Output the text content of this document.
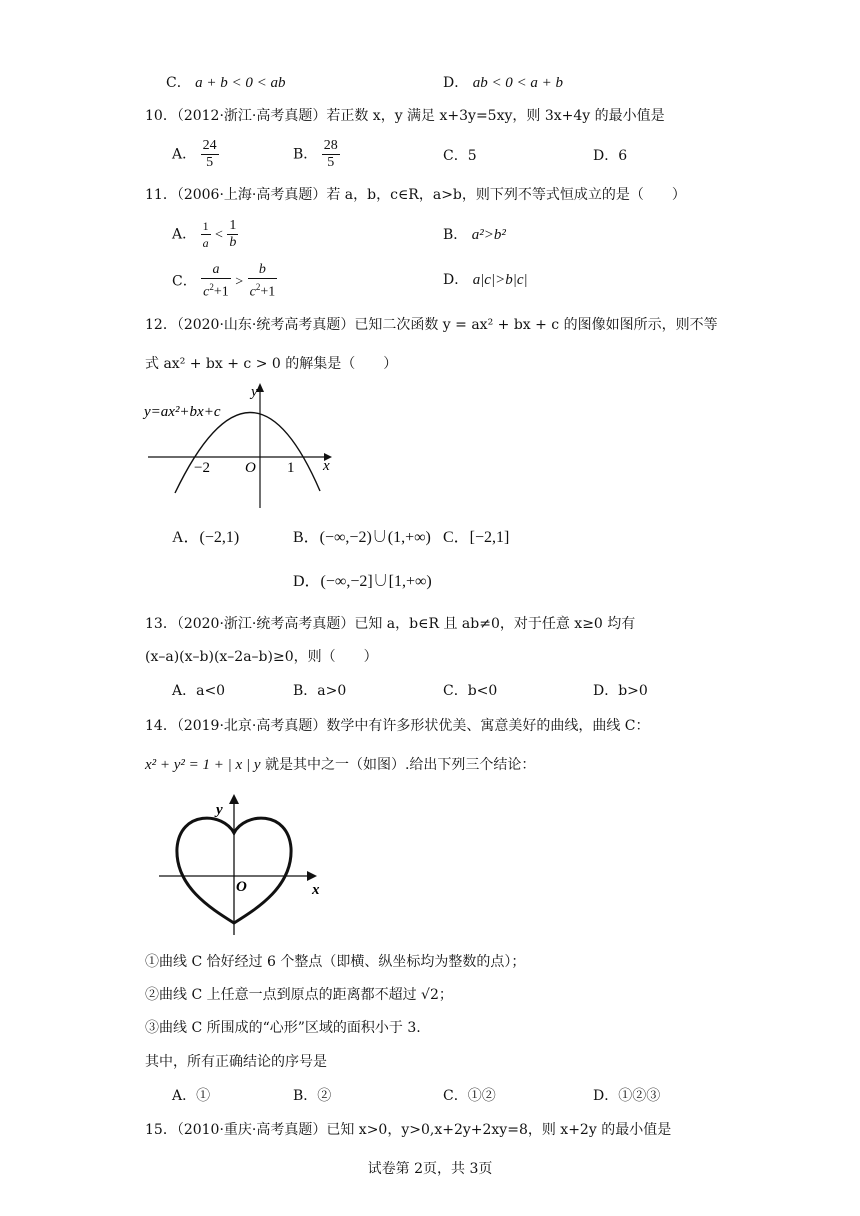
C． a + b < 0 < ab	D． ab < 0 < a + b
10．（2012·浙江·高考真题）若正数 x，y 满足 x+3y=5xy，则 3x+4y 的最小值是
A． $\frac{24}{5}$	B． $\frac{28}{5}$	C．5	D．6
11．（2006·上海·高考真题）若 a，b，c∈R，a>b，则下列不等式恒成立的是（　　）
A． $\frac{1}{a} < \frac{1}{b}$	B． a²>b²
C． $\frac{a}{c^2+1} > \frac{b}{c^2+1}$	D． a|c|>b|c|
12．（2020·山东·统考高考真题）已知二次函数 y = ax² + bx + c 的图像如图所示，则不等
式 ax² + bx + c > 0 的解集是（　　）
y
x
O
−2	1
y=ax²+bx+c
A．(−2,1)	B．(−∞,−2)∪(1,+∞) C．[−2,1]
D．(−∞,−2]∪[1,+∞)
13．（2020·浙江·统考高考真题）已知 a，b∈R 且 ab≠0，对于任意 x≥0 均有
(x–a)(x–b)(x–2a–b)≥0，则（　　）
A．a<0	B．a>0	C．b<0	D．b>0
14．（2019·北京·高考真题）数学中有许多形状优美、寓意美好的曲线，曲线 C：
x² + y² = 1 + | x | y 就是其中之一（如图）.给出下列三个结论：
y
x
O
①曲线 C 恰好经过 6 个整点（即横、纵坐标均为整数的点）；
②曲线 C 上任意一点到原点的距离都不超过 √2；
③曲线 C 所围成的“心形”区域的面积小于 3.
其中，所有正确结论的序号是
A．①	B．②	C．①②	D．①②③
15．（2010·重庆·高考真题）已知 x>0，y>0,x+2y+2xy=8，则 x+2y 的最小值是
试卷第 2页，共 3页
